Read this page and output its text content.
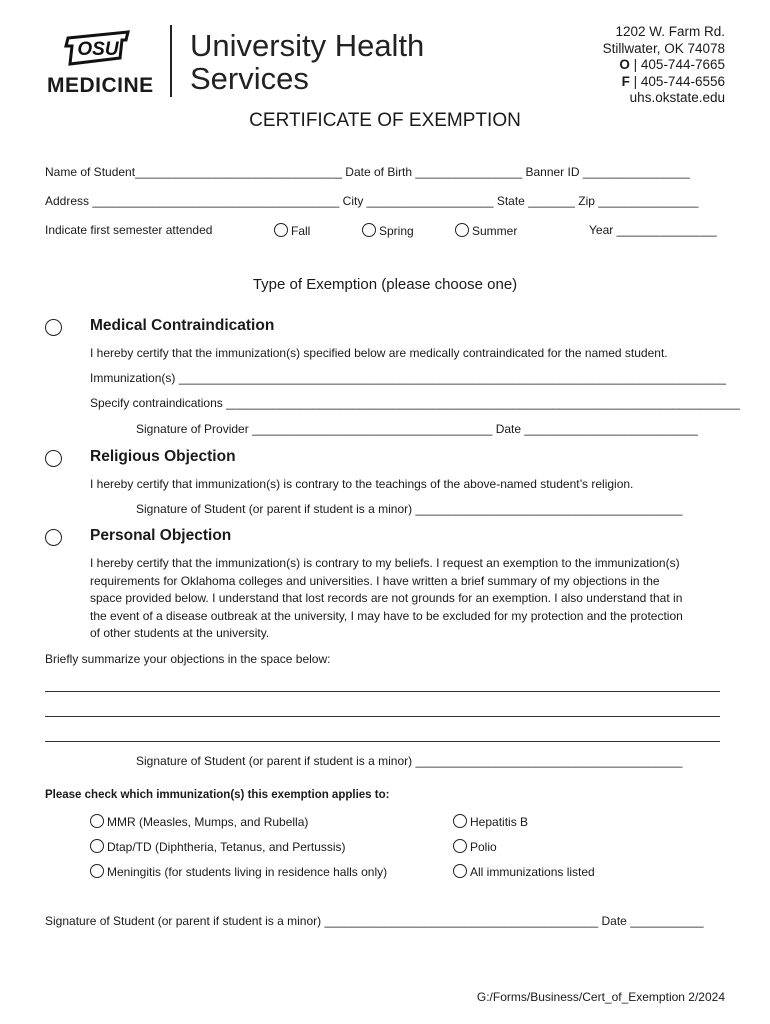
OSU
MEDICINE
University Health
Services
1202 W. Farm Rd.
Stillwater, OK 74078
O | 405-744-7665
F | 405-744-6556
uhs.okstate.edu
CERTIFICATE OF EXEMPTION
Name of Student_______________________________ Date of Birth ________________ Banner ID ________________
Address _____________________________________ City ___________________ State _______ Zip _______________
Indicate first semester attended	Fall	Spring	Summer	Year _______________
Type of Exemption (please choose one)
Medical Contraindication
I hereby certify that the immunization(s) specified below are medically contraindicated for the named student.
Immunization(s) __________________________________________________________________________________
Specify contraindications _____________________________________________________________________________
Signature of Provider ____________________________________ Date __________________________
Religious Objection
I hereby certify that immunization(s) is contrary to the teachings of the above-named student’s religion.
Signature of Student (or parent if student is a minor) ________________________________________
Personal Objection
I hereby certify that the immunization(s) is contrary to my beliefs. I request an exemption to the immunization(s)
requirements for Oklahoma colleges and universities. I have written a brief summary of my objections in the
space provided below. I understand that lost records are not grounds for an exemption. I also understand that in
the event of a disease outbreak at the university, I may have to be excluded for my protection and the protection
of other students at the university.
Briefly summarize your objections in the space below:
Signature of Student (or parent if student is a minor) ________________________________________
Please check which immunization(s) this exemption applies to:
MMR (Measles, Mumps, and Rubella)	Hepatitis B
Dtap/TD (Diphtheria, Tetanus, and Pertussis)	Polio
Meningitis (for students living in residence halls only)	All immunizations listed
Signature of Student (or parent if student is a minor) _________________________________________ Date ___________
G:/Forms/Business/Cert_of_Exemption 2/2024
